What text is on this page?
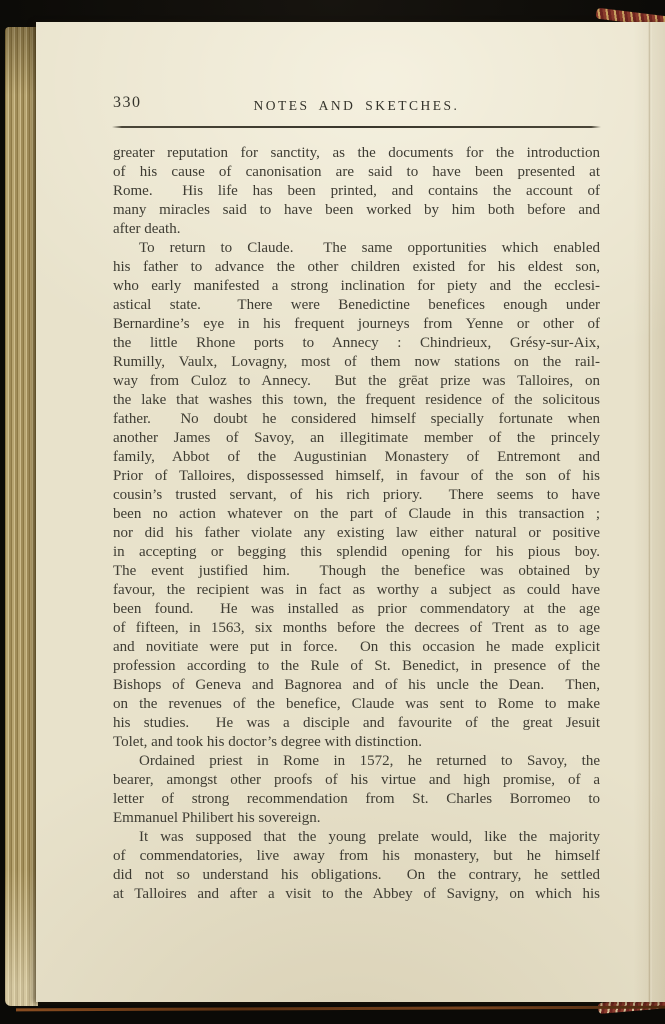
330	NOTES AND SKETCHES.
greater reputation for sanctity, as the documents for the introduction
of his cause of canonisation are said to have been presented at
Rome.  His life has been printed, and contains the account of
many miracles said to have been worked by him both before and
after death.
To return to Claude.  The same opportunities which enabled
his father to advance the other children existed for his eldest son,
who early manifested a strong inclination for piety and the ecclesi-
astical state.  There were Benedictine benefices enough under
Bernardine’s eye in his frequent journeys from Yenne or other of
the little Rhone ports to Annecy : Chindrieux, Grésy-sur-Aix,
Rumilly, Vaulx, Lovagny, most of them now stations on the rail-
way from Culoz to Annecy.  But the grēat prize was Talloires, on
the lake that washes this town, the frequent residence of the solicitous
father.  No doubt he considered himself specially fortunate when
another James of Savoy, an illegitimate member of the princely
family, Abbot of the Augustinian Monastery of Entremont and
Prior of Talloires, dispossessed himself, in favour of the son of his
cousin’s trusted servant, of his rich priory.  There seems to have
been no action whatever on the part of Claude in this transaction ;
nor did his father violate any existing law either natural or positive
in accepting or begging this splendid opening for his pious boy.
The event justified him.  Though the benefice was obtained by
favour, the recipient was in fact as worthy a subject as could have
been found.  He was installed as prior commendatory at the age
of fifteen, in 1563, six months before the decrees of Trent as to age
and novitiate were put in force.  On this occasion he made explicit
profession according to the Rule of St. Benedict, in presence of the
Bishops of Geneva and Bagnorea and of his uncle the Dean.  Then,
on the revenues of the benefice, Claude was sent to Rome to make
his studies.  He was a disciple and favourite of the great Jesuit
Tolet, and took his doctor’s degree with distinction.
Ordained priest in Rome in 1572, he returned to Savoy, the
bearer, amongst other proofs of his virtue and high promise, of a
letter of strong recommendation from St. Charles Borromeo to
Emmanuel Philibert his sovereign.
It was supposed that the young prelate would, like the majority
of commendatories, live away from his monastery, but he himself
did not so understand his obligations.  On the contrary, he settled
at Talloires and after a visit to the Abbey of Savigny, on which his
